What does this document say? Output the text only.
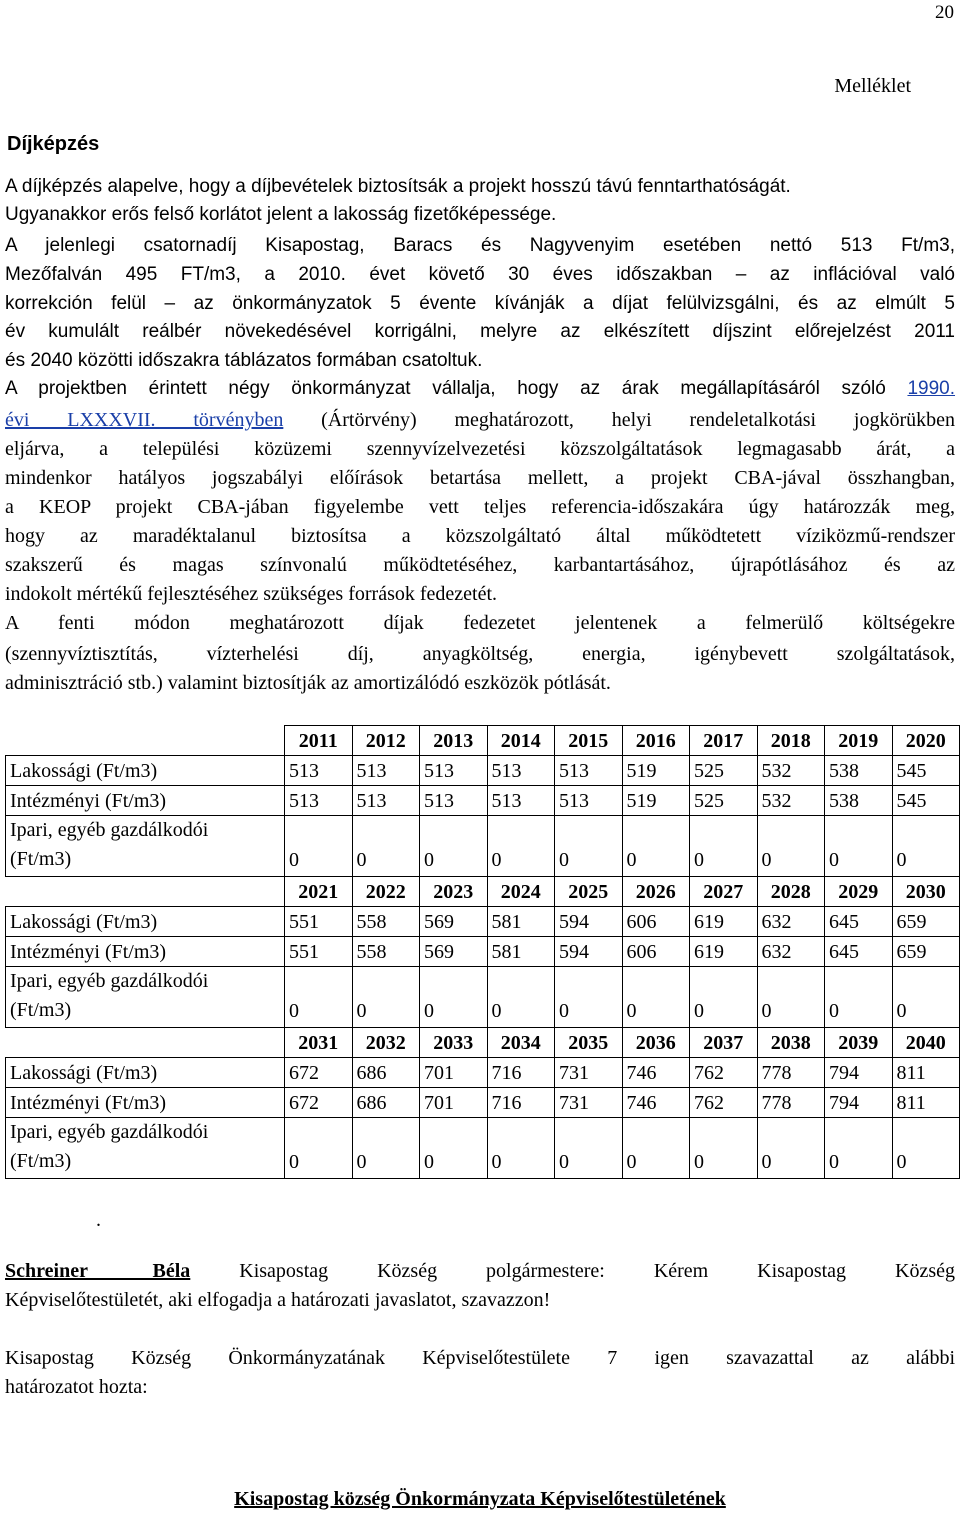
20
Melléklet
Díjképzés
A díjképzés alapelve, hogy a díjbevételek biztosítsák a projekt hosszú távú fenntarthatóságát.
Ugyanakkor erős felső korlátot jelent a lakosság fizetőképessége.
A jelenlegi csatornadíj Kisapostag, Baracs és Nagyvenyim esetében nettó 513 Ft/m3,
Mezőfalván 495 FT/m3, a 2010. évet követő 30 éves időszakban – az inflációval való
korrekción felül – az önkormányzatok 5 évente kívánják a díjat felülvizsgálni, és az elmúlt 5
év kumulált reálbér növekedésével korrigálni, melyre az elkészített díjszint előrejelzést 2011
és 2040 közötti időszakra táblázatos formában csatoltuk.
A projektben érintett négy önkormányzat vállalja, hogy az árak megállapításáról szóló 1990.
évi LXXXVII. törvényben (Ártörvény) meghatározott, helyi rendeletalkotási jogkörükben
eljárva, a települési közüzemi szennyvízelvezetési közszolgáltatások legmagasabb árát, a
mindenkor hatályos jogszabályi előírások betartása mellett, a projekt CBA-jával összhangban,
a KEOP projekt CBA-jában figyelembe vett teljes referencia-időszakára úgy határozzák meg,
hogy az maradéktalanul biztosítsa a közszolgáltató által működtetett víziközmű-rendszer
szakszerű és magas színvonalú működtetéséhez, karbantartásához, újrapótlásához és az
indokolt mértékű fejlesztéséhez szükséges források fedezetét.
A fenti módon meghatározott díjak fedezetet jelentenek a felmerülő költségekre
(szennyvíztisztítás, vízterhelési díj, anyagköltség, energia, igénybevett szolgáltatások,
adminisztráció stb.) valamint biztosítják az amortizálódó eszközök pótlását.
	2011	2012	2013	2014	2015	2016	2017	2018	2019	2020
Lakossági (Ft/m3)	513	513	513	513	513	519	525	532	538	545
Intézményi (Ft/m3)	513	513	513	513	513	519	525	532	538	545

Ipari, egyéb gazdálkodói
(Ft/m3)	0	0	0	0	0	0	0	0	0	0
	2021	2022	2023	2024	2025	2026	2027	2028	2029	2030
Lakossági (Ft/m3)	551	558	569	581	594	606	619	632	645	659
Intézményi (Ft/m3)	551	558	569	581	594	606	619	632	645	659

Ipari, egyéb gazdálkodói
(Ft/m3)	0	0	0	0	0	0	0	0	0	0
	2031	2032	2033	2034	2035	2036	2037	2038	2039	2040
Lakossági (Ft/m3)	672	686	701	716	731	746	762	778	794	811
Intézményi (Ft/m3)	672	686	701	716	731	746	762	778	794	811

Ipari, egyéb gazdálkodói
(Ft/m3)	0	0	0	0	0	0	0	0	0	0
.
Schreiner Béla Kisapostag Község polgármestere: Kérem Kisapostag Község
Képviselőtestületét, aki elfogadja a határozati javaslatot, szavazzon!
Kisapostag Község Önkormányzatának Képviselőtestülete 7 igen szavazattal az alábbi
határozatot hozta:
Kisapostag község Önkormányzata Képviselőtestületének
